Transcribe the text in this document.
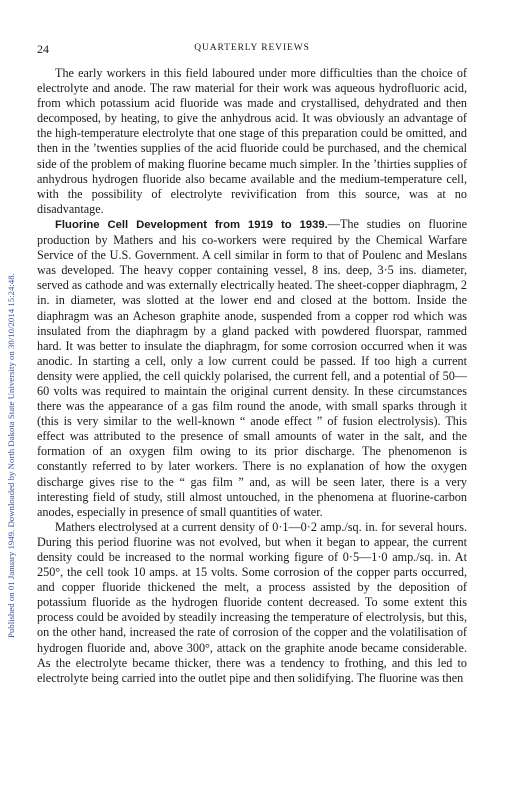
Published on 01 January 1949. Downloaded by North Dakota State University on 30/10/2014 15:24:48.
24	QUARTERLY REVIEWS

The early workers in this field laboured under more difficulties than the choice of electrolyte and anode. The raw material for their work was aqueous hydrofluoric acid, from which potassium acid fluoride was made and crystallised, dehydrated and then decomposed, by heating, to give the anhydrous acid. It was obviously an advantage of the high-temperature electrolyte that one stage of this preparation could be omitted, and then in the ’twenties supplies of the acid fluoride could be purchased, and the chemical side of the problem of making fluorine became much simpler. In the ’thirties supplies of anhydrous hydrogen fluoride also became available and the medium-temperature cell, with the possibility of electrolyte revivification from this source, was at no disadvantage.

Fluorine Cell Development from 1919 to 1939.—The studies on fluorine production by Mathers and his co-workers were required by the Chemical Warfare Service of the U.S. Government. A cell similar in form to that of Poulenc and Meslans was developed. The heavy copper containing vessel, 8 ins. deep, 3·5 ins. diameter, served as cathode and was externally electrically heated. The sheet-copper diaphragm, 2 in. in diameter, was slotted at the lower end and closed at the bottom. Inside the diaphragm was an Acheson graphite anode, suspended from a copper rod which was insulated from the diaphragm by a gland packed with powdered fluorspar, rammed hard. It was better to insulate the diaphragm, for some corrosion occurred when it was anodic. In starting a cell, only a low current could be passed. If too high a current density were applied, the cell quickly polarised, the current fell, and a potential of 50—60 volts was required to maintain the original current density. In these circumstances there was the appearance of a gas film round the anode, with small sparks through it (this is very similar to the well-known “ anode effect ” of fusion electrolysis). This effect was attributed to the presence of small amounts of water in the salt, and the formation of an oxygen film owing to its prior discharge. The phenomenon is constantly referred to by later workers. There is no explanation of how the oxygen discharge gives rise to the “ gas film ” and, as will be seen later, there is a very interesting field of study, still almost untouched, in the phenomena at fluorine-carbon anodes, especially in presence of small quantities of water.

Mathers electrolysed at a current density of 0·1—0·2 amp./sq. in. for several hours. During this period fluorine was not evolved, but when it began to appear, the current density could be increased to the normal working figure of 0·5—1·0 amp./sq. in. At 250°, the cell took 10 amps. at 15 volts. Some corrosion of the copper parts occurred, and copper fluoride thickened the melt, a process assisted by the deposition of potassium fluoride as the hydrogen fluoride content decreased. To some extent this process could be avoided by steadily increasing the temperature of electrolysis, but this, on the other hand, increased the rate of corrosion of the copper and the volatilisation of hydrogen fluoride and, above 300°, attack on the graphite anode became considerable. As the electrolyte became thicker, there was a tendency to frothing, and this led to electrolyte being carried into the outlet pipe and then solidifying. The fluorine was then
